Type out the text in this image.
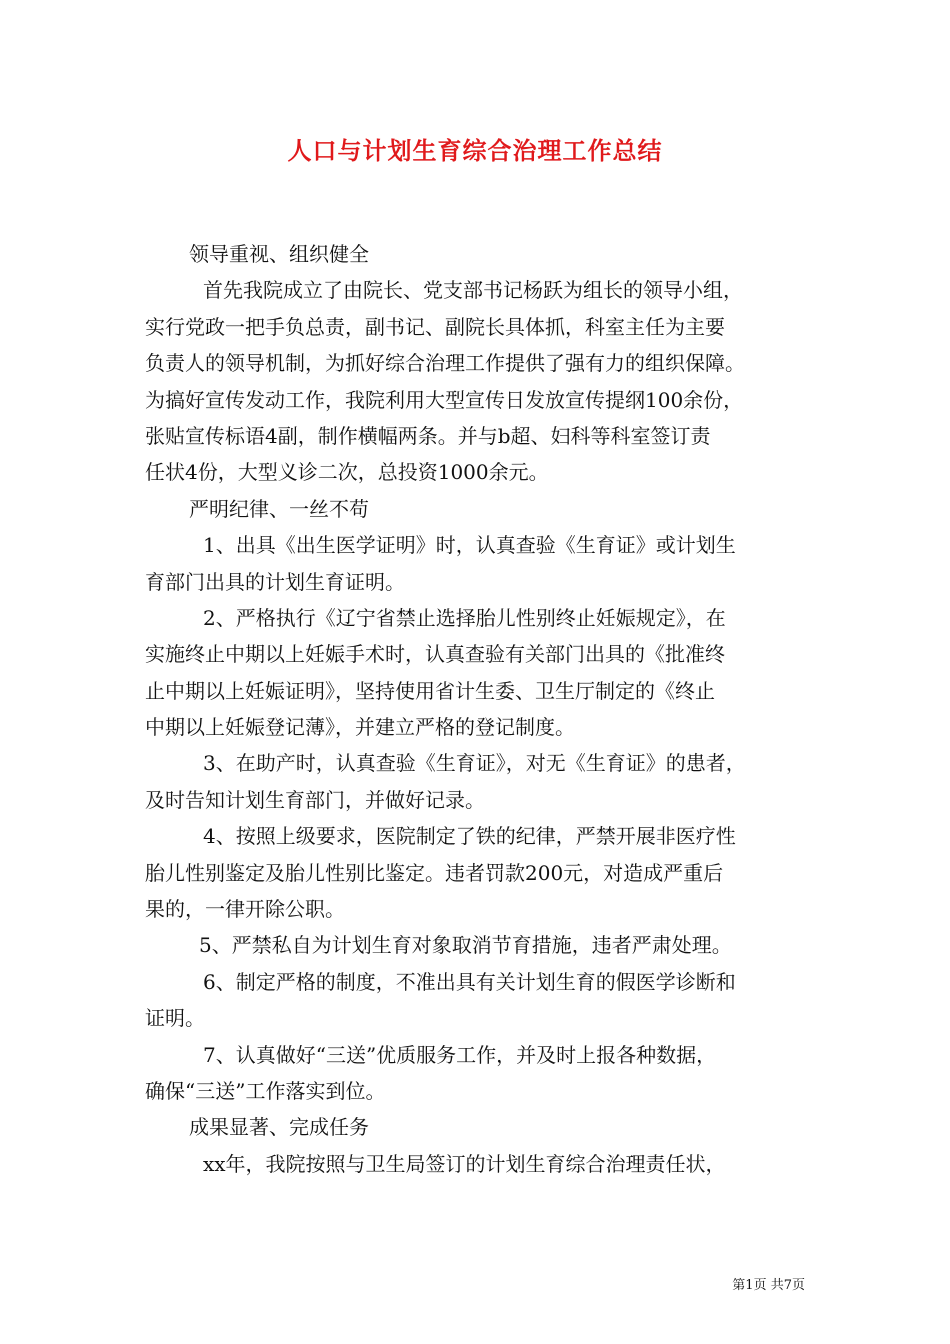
人口与计划生育综合治理工作总结
领导重视、组织健全
首先我院成立了由院长、党支部书记杨跃为组长的领导小组，
实行党政一把手负总责，副书记、副院长具体抓，科室主任为主要
负责人的领导机制，为抓好综合治理工作提供了强有力的组织保障。
为搞好宣传发动工作，我院利用大型宣传日发放宣传提纲100余份，
张贴宣传标语4副，制作横幅两条。并与b超、妇科等科室签订责
任状4份，大型义诊二次，总投资1000余元。
严明纪律、一丝不苟
1、出具《出生医学证明》时，认真查验《生育证》或计划生
育部门出具的计划生育证明。
2、严格执行《辽宁省禁止选择胎儿性别终止妊娠规定》，在
实施终止中期以上妊娠手术时，认真查验有关部门出具的《批准终
止中期以上妊娠证明》，坚持使用省计生委、卫生厅制定的《终止
中期以上妊娠登记薄》，并建立严格的登记制度。
3、在助产时，认真查验《生育证》，对无《生育证》的患者，
及时告知计划生育部门，并做好记录。
4、按照上级要求，医院制定了铁的纪律，严禁开展非医疗性
胎儿性别鉴定及胎儿性别比鉴定。违者罚款200元，对造成严重后
果的，一律开除公职。
5、严禁私自为计划生育对象取消节育措施，违者严肃处理。
6、制定严格的制度，不准出具有关计划生育的假医学诊断和
证明。
7、认真做好“三送”优质服务工作，并及时上报各种数据，
确保“三送”工作落实到位。
成果显著、完成任务
xx年，我院按照与卫生局签订的计划生育综合治理责任状，
第1页 共7页
